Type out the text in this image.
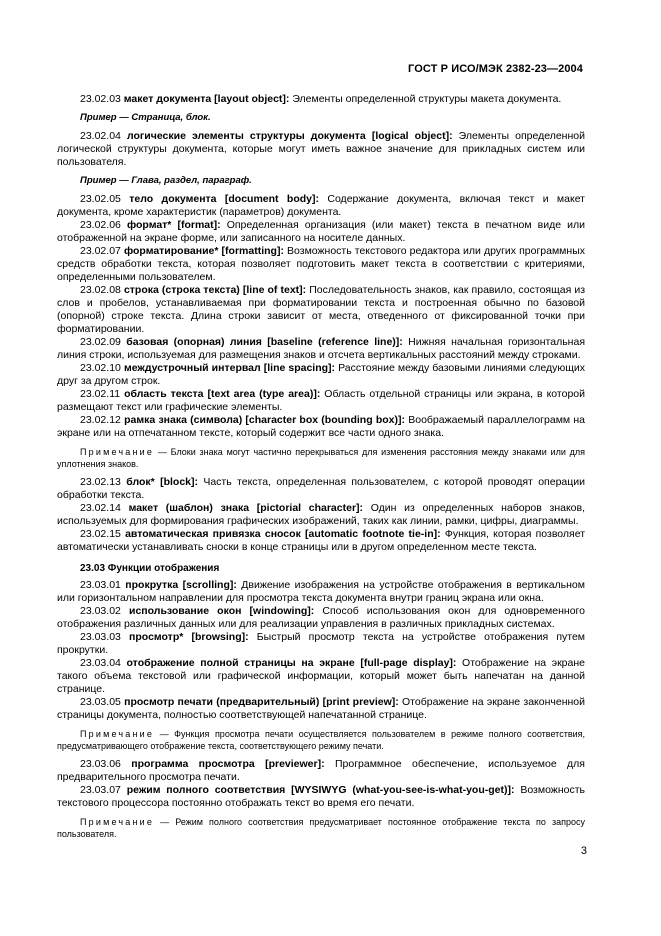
ГОСТ Р ИСО/МЭК 2382-23—2004

23.02.03 макет документа [layout object]: Элементы определенной структуры макета документа.

Пример — Страница, блок.

23.02.04 логические элементы структуры документа [logical object]: Элементы определенной логической структуры документа, которые могут иметь важное значение для прикладных систем или пользователя.

Пример — Глава, раздел, параграф.

23.02.05 тело документа [document body]: Содержание документа, включая текст и макет документа, кроме характеристик (параметров) документа.

23.02.06 формат* [format]: Определенная организация (или макет) текста в печатном виде или отображенной на экране форме, или записанного на носителе данных.

23.02.07 форматирование* [formatting]: Возможность текстового редактора или других программных средств обработки текста, которая позволяет подготовить макет текста в соответствии с критериями, определенными пользователем.

23.02.08 строка (строка текста) [line of text]: Последовательность знаков, как правило, состоящая из слов и пробелов, устанавливаемая при форматировании текста и построенная обычно по базовой (опорной) строке текста. Длина строки зависит от места, отведенного от фиксированной точки при форматировании.

23.02.09 базовая (опорная) линия [baseline (reference line)]: Нижняя начальная горизонтальная линия строки, используемая для размещения знаков и отсчета вертикальных расстояний между строками.

23.02.10 междустрочный интервал [line spacing]: Расстояние между базовыми линиями следующих друг за другом строк.

23.02.11 область текста [text area (type area)]: Область отдельной страницы или экрана, в которой размещают текст или графические элементы.

23.02.12 рамка знака (символа) [character box (bounding box)]: Воображаемый параллелограмм на экране или на отпечатанном тексте, который содержит все части одного знака.

Примечание — Блоки знака могут частично перекрываться для изменения расстояния между знаками или для уплотнения знаков.

23.02.13 блок* [block]: Часть текста, определенная пользователем, с которой проводят операции обработки текста.

23.02.14 макет (шаблон) знака [pictorial character]: Один из определенных наборов знаков, используемых для формирования графических изображений, таких как линии, рамки, цифры, диаграммы.

23.02.15 автоматическая привязка сносок [automatic footnote tie-in]: Функция, которая позволяет автоматически устанавливать сноски в конце страницы или в другом определенном месте текста.

23.03 Функции отображения

23.03.01 прокрутка [scrolling]: Движение изображения на устройстве отображения в вертикальном или горизонтальном направлении для просмотра текста документа внутри границ экрана или окна.

23.03.02 использование окон [windowing]: Способ использования окон для одновременного отображения различных данных или для реализации управления в различных прикладных системах.

23.03.03 просмотр* [browsing]: Быстрый просмотр текста на устройстве отображения путем прокрутки.

23.03.04 отображение полной страницы на экране [full-page display]: Отображение на экране такого объема текстовой или графической информации, который может быть напечатан на данной странице.

23.03.05 просмотр печати (предварительный) [print preview]: Отображение на экране законченной страницы документа, полностью соответствующей напечатанной странице.

Примечание — Функция просмотра печати осуществляется пользователем в режиме полного соответствия, предусматривающего отображение текста, соответствующего режиму печати.

23.03.06 программа просмотра [previewer]: Программное обеспечение, используемое для предварительного просмотра печати.

23.03.07 режим полного соответствия [WYSIWYG (what-you-see-is-what-you-get)]: Возможность текстового процессора постоянно отображать текст во время его печати.

Примечание — Режим полного соответствия предусматривает постоянное отображение текста по запросу пользователя.

3
